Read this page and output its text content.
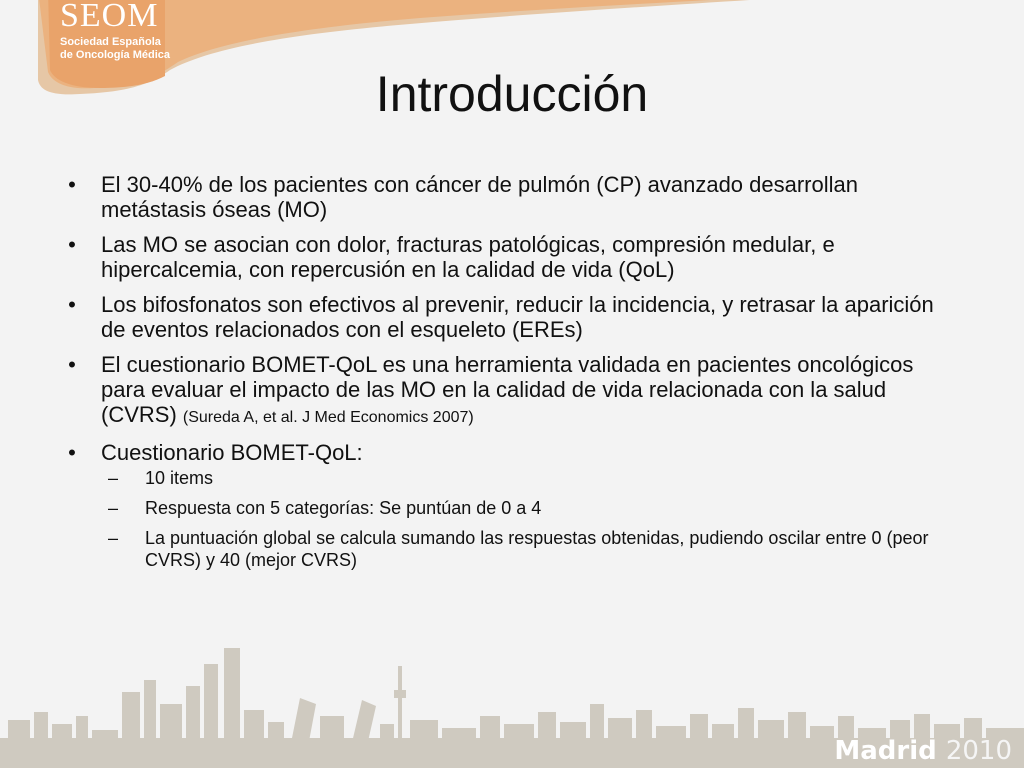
SEOM
Sociedad Española
de Oncología Médica
Introducción
• El 30-40% de los pacientes con cáncer de pulmón (CP) avanzado desarrollan metástasis óseas (MO)
• Las MO se asocian con dolor, fracturas patológicas, compresión medular, e hipercalcemia, con repercusión en la calidad de vida (QoL)
• Los bifosfonatos son efectivos al prevenir, reducir la incidencia, y retrasar la aparición de eventos relacionados con el esqueleto (EREs)
• El cuestionario BOMET-QoL es una herramienta validada en pacientes oncológicos para evaluar el impacto de las MO en la calidad de vida relacionada con la salud (CVRS) (Sureda A, et al. J Med Economics 2007)
• Cuestionario BOMET-QoL:
– 10 items
– Respuesta con 5 categorías: Se puntúan de 0 a 4
– La puntuación global se calcula sumando las respuestas obtenidas, pudiendo oscilar entre 0 (peor CVRS) y 40 (mejor CVRS)
Madrid 2010
